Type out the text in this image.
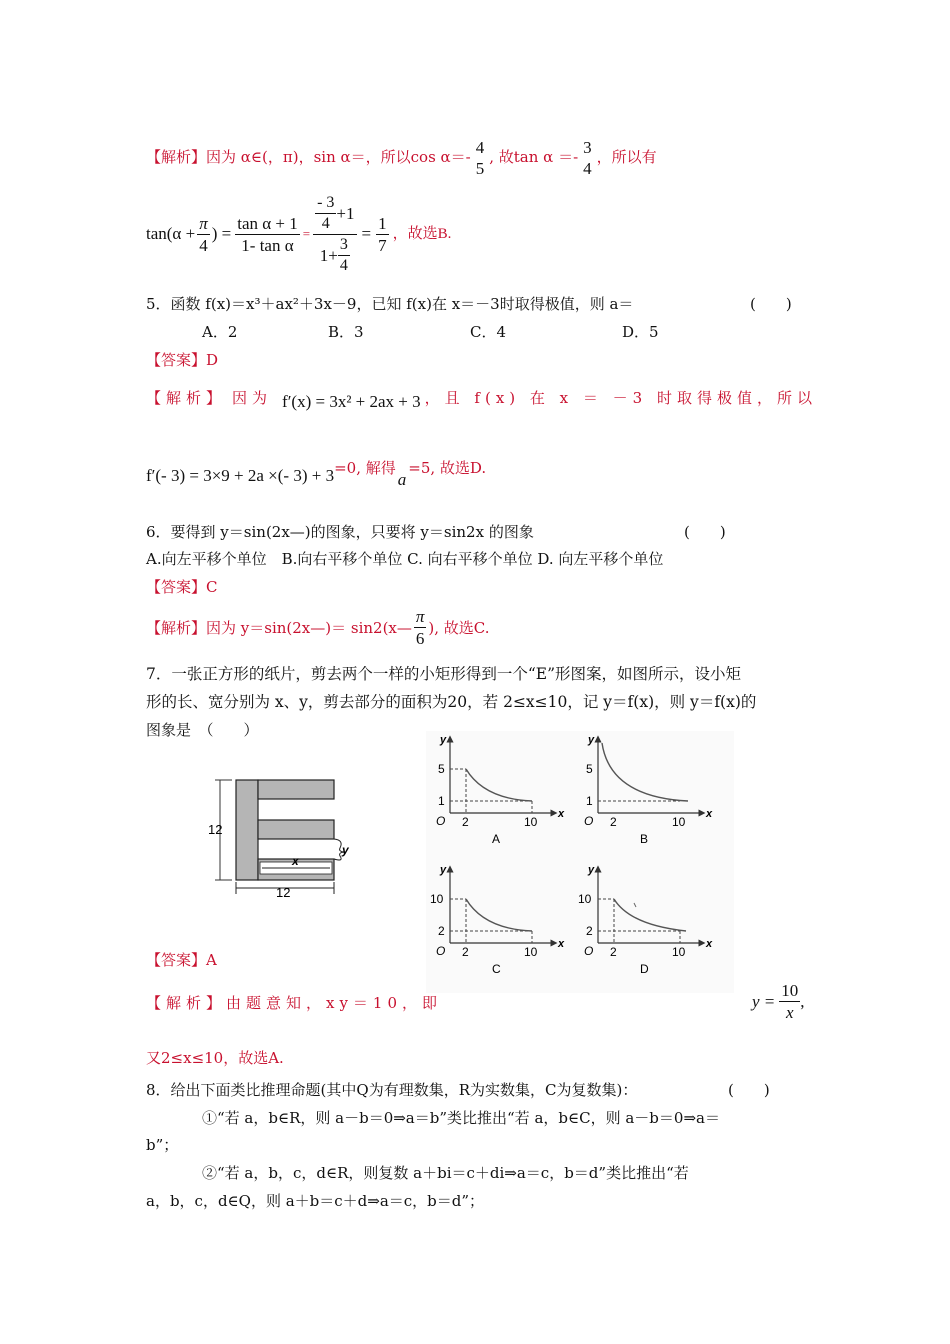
【解析】因为 α∈(，π)，sin α＝，所以cos α＝- 4
5
, 故tan α ＝- 3
4
，所以有
$\tan(\alpha + \frac{\pi}{4}$ ) = $\frac{\text{tan α + 1}}{\text{1- tan α}} = \frac{\frac{- 3}{4} +1}{1+ \frac{3}{4}} = \frac{1}{7}$ ，故选B.
5．函数 f(x)＝x³＋ax²＋3x－9，已知 f(x)在 x＝－3时取得极值，则 a＝	(　　)
A．2	B．3	C．4	D．5
【答案】D
【解析】 因为 f′(x) = 3x² + 2ax + 3 ，且 f(x) 在 x ＝ －3 时取得极值，所以
f′(- 3) = 3×9 + 2a ×(- 3) + 3 =0, 解得
a
=5, 故选D.
6．要得到 y＝sin(2x—)的图象，只要将 y＝sin2x 的图象	(　　)
A.向左平移个单位　B.向右平移个单位 C. 向右平移个单位 D. 向左平移个单位
【答案】C
【解析】因为 y＝sin(2x—)＝ sin2(x— $\frac{\pi}{6}$ ), 故选C.
7．一张正方形的纸片，剪去两个一样的小矩形得到一个“E”形图案，如图所示，设小矩
形的长、宽分别为 x、y，剪去部分的面积为20，若 2≤x≤10，记 y＝f(x)，则 y＝f(x)的
图象是　（　　）
12
12
x
y
y
x
O 2	10
5
1
A
y
x
O 2	10
5
1
B
y
x
O 2	10
10
2
C
y
x
O 2	10
10
2
D
【答案】A
【解析】由题意知，xy＝10，即	$y = \frac{10}{x}$ ,
又2≤x≤10，故选A.
8．给出下面类比推理命题(其中Q为有理数集，R为实数集，C为复数集)：	(　　)
①“若 a，b∈R，则 a－b＝0⇒a＝b”类比推出“若 a，b∈C，则 a－b＝0⇒a＝
b”；
②“若 a，b，c，d∈R，则复数 a＋bi＝c＋di⇒a＝c，b＝d”类比推出“若
a，b，c，d∈Q，则 a＋b＝c＋d⇒a＝c，b＝d”；
